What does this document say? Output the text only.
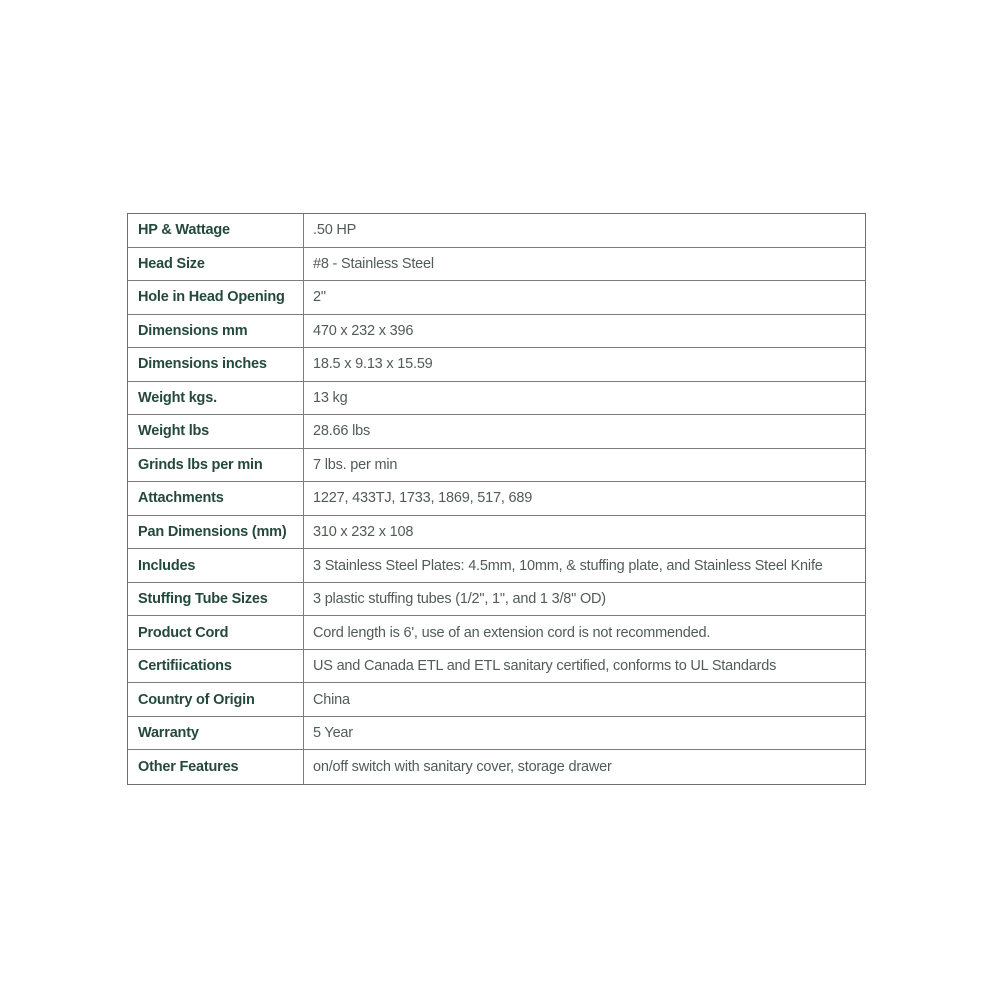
HP & Wattage	.50 HP
Head Size	#8 - Stainless Steel
Hole in Head Opening	2"
Dimensions mm	470 x 232 x 396
Dimensions inches	18.5 x 9.13 x 15.59
Weight kgs.	13 kg
Weight lbs	28.66 lbs
Grinds lbs per min	7 lbs. per min
Attachments	1227, 433TJ, 1733, 1869, 517, 689
Pan Dimensions (mm)	310 x 232 x 108
Includes	3 Stainless Steel Plates: 4.5mm, 10mm, & stuffing plate, and Stainless Steel Knife
Stuffing Tube Sizes	3 plastic stuffing tubes (1/2", 1", and 1 3/8" OD)
Product Cord	Cord length is 6', use of an extension cord is not recommended.
Certifiications	US and Canada ETL and ETL sanitary certified, conforms to UL Standards
Country of Origin	China
Warranty	5 Year
Other Features	on/off switch with sanitary cover, storage drawer
